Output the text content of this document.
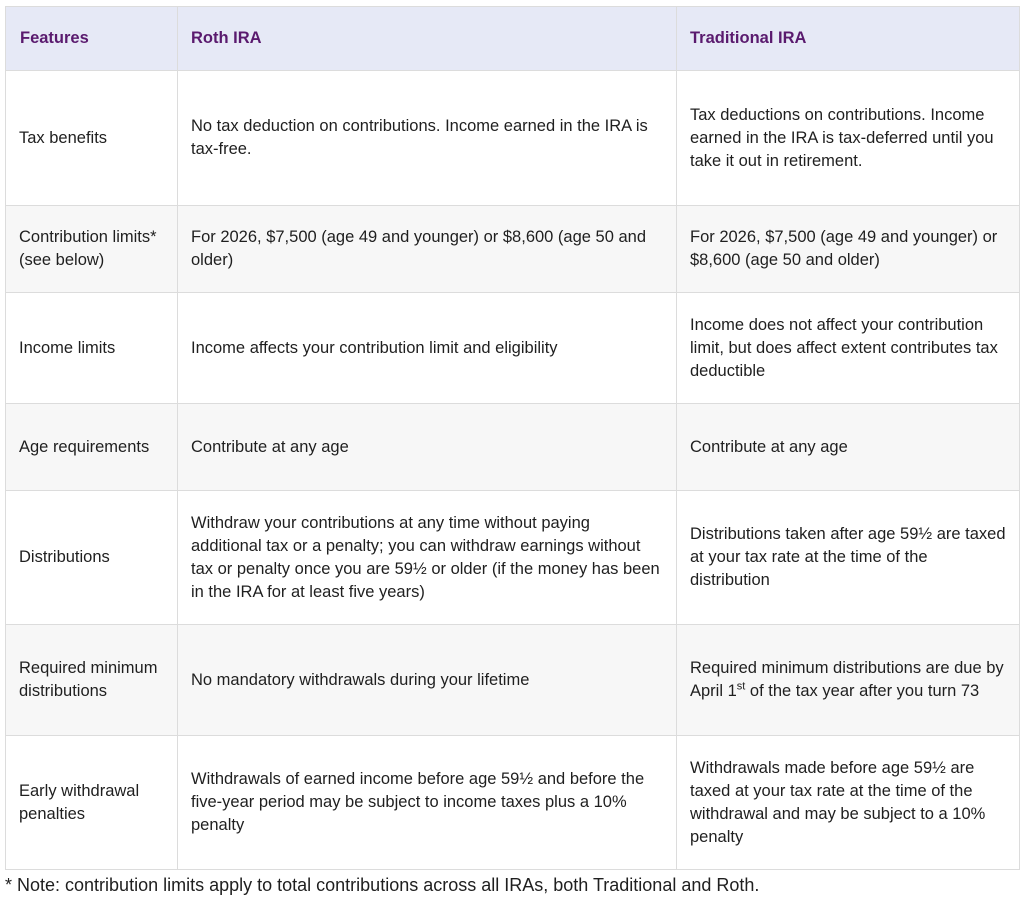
Features	Roth IRA	Traditional IRA
Tax benefits	No tax deduction on contributions. Income earned in the IRA is tax-free.	Tax deductions on contributions. Income earned in the IRA is tax-deferred until you take it out in retirement.
Contribution limits*(see below)	For 2026, $7,500 (age 49 and younger) or $8,600 (age 50 and older)	For 2026, $7,500 (age 49 and younger) or $8,600 (age 50 and older)
Income limits	Income affects your contribution limit and eligibility	Income does not affect your contribution limit, but does affect extent contributes tax deductible
Age requirements	Contribute at any age	Contribute at any age
Distributions	Withdraw your contributions at any time without paying additional tax or a penalty; you can withdraw earnings without tax or penalty once you are 59½ or older (if the money has been in the IRA for at least five years)	Distributions taken after age 59½ are taxed at your tax rate at the time of the distribution
Required minimum distributions	No mandatory withdrawals during your lifetime	Required minimum distributions are due by April 1st of the tax year after you turn 73
Early withdrawal penalties	Withdrawals of earned income before age 59½ and before the five-year period may be subject to income taxes plus a 10% penalty	Withdrawals made before age 59½ are taxed at your tax rate at the time of the withdrawal and may be subject to a 10% penalty
* Note: contribution limits apply to total contributions across all IRAs, both Traditional and Roth.
